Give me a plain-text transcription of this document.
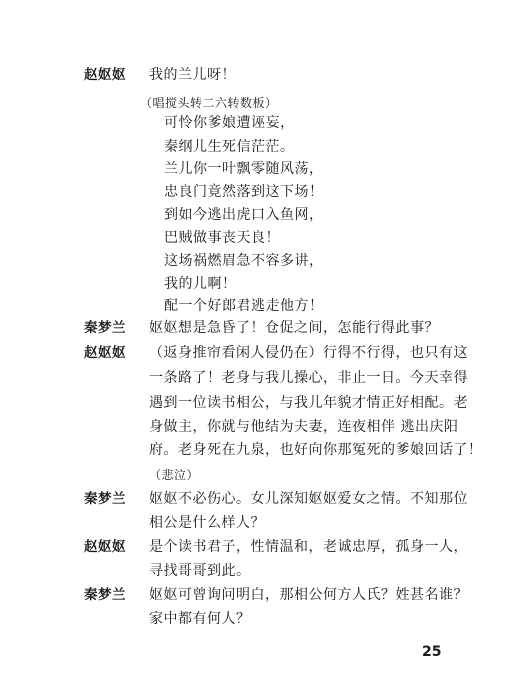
赵妪妪 我的兰儿呀！
（唱搅头转二六转数板）
可怜你爹娘遭诬妄，
秦纲儿生死信茫茫。
兰儿你一叶飘零随风荡，
忠良门竟然落到这下场！
到如今逃出虎口入鱼网，
巴贼做事丧天良！
这场祸燃眉急不容多讲，
我的儿啊！
配一个好郎君逃走他方！
秦梦兰 妪妪想是急昏了！仓促之间，怎能行得此事？
赵妪妪 （返身推帘看闲人侵仍在）行得不行得，也只有这
一条路了！老身与我儿操心，非止一日。今天幸得
遇到一位读书相公，与我儿年貌才情正好相配。老
身做主，你就与他结为夫妻，连夜相伴 逃出庆阳
府。老身死在九泉，也好向你那冤死的爹娘回话了！
（悲泣）
秦梦兰 妪妪不必伤心。女儿深知妪妪爱女之情。不知那位
相公是什么样人？
赵妪妪 是个读书君子，性情温和，老诚忠厚，孤身一人，
寻找哥哥到此。
秦梦兰 妪妪可曾询问明白，那相公何方人氏？姓甚名谁？
家中都有何人？
25
